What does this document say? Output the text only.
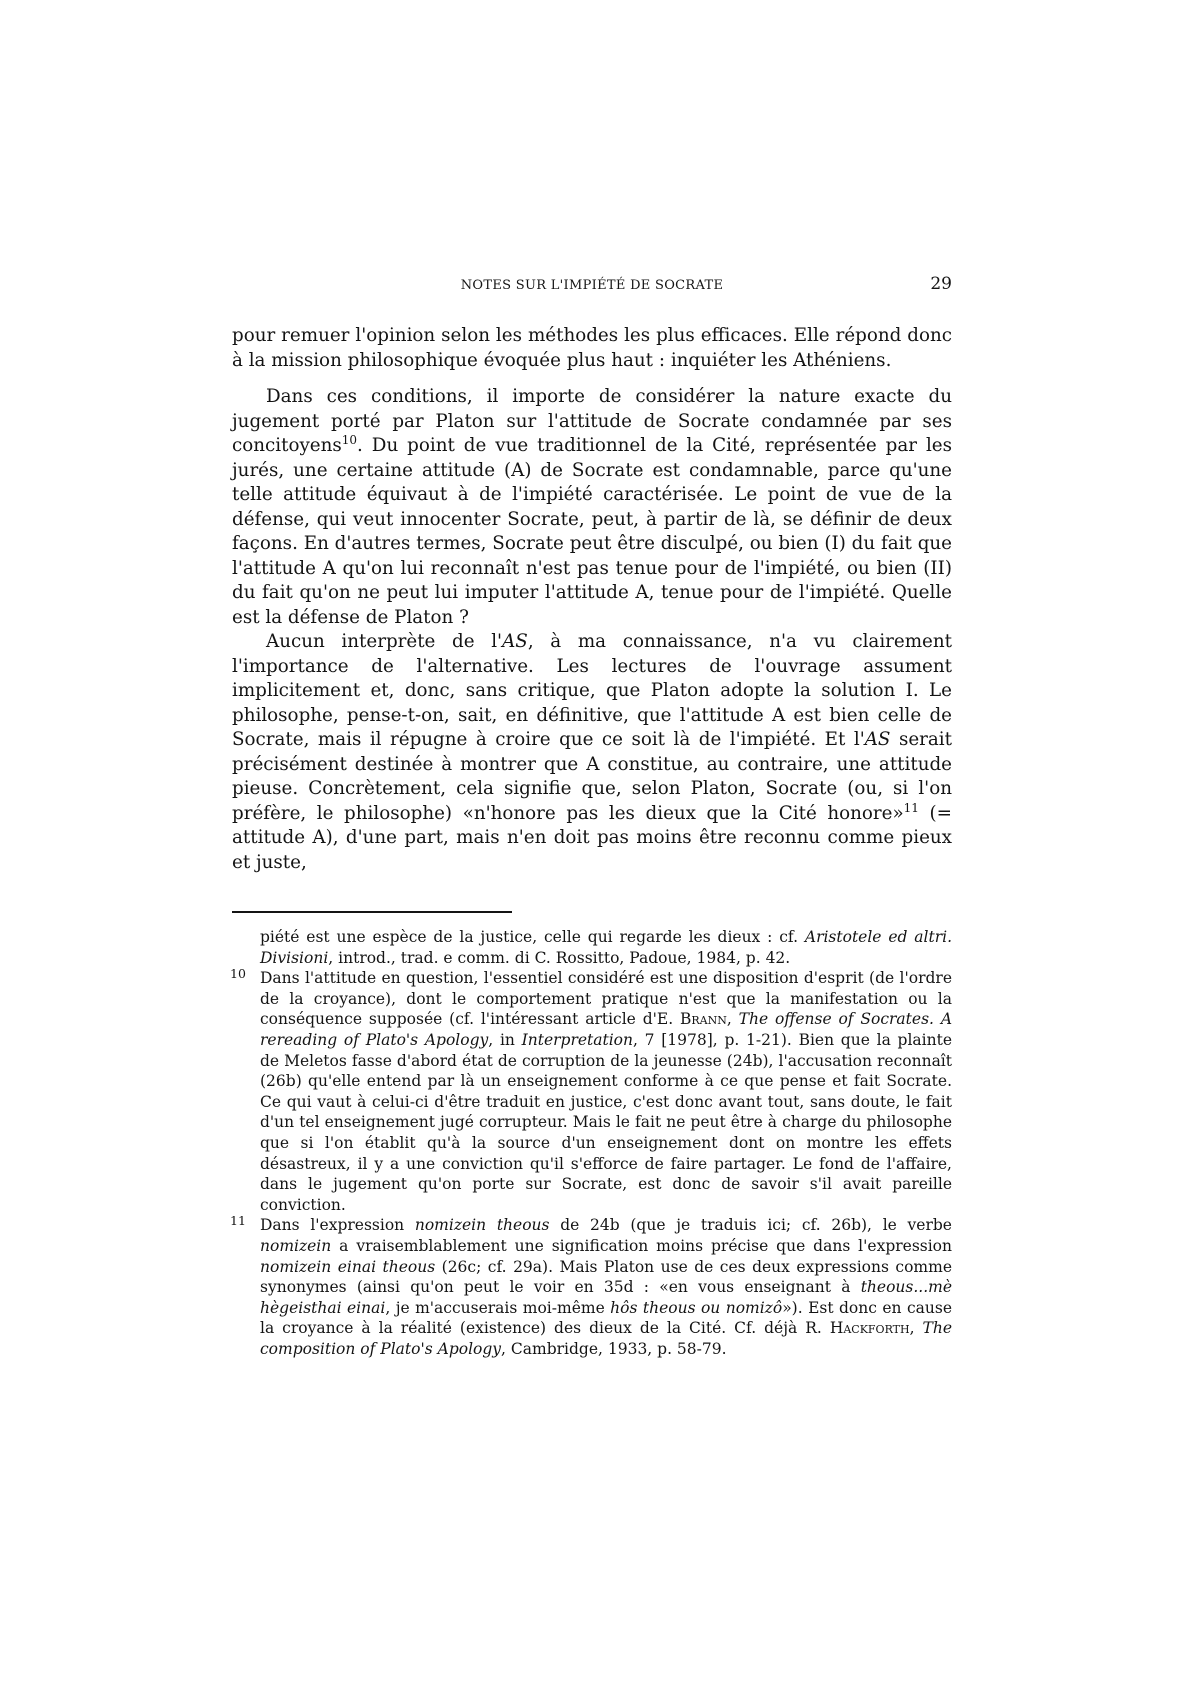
NOTES SUR L'IMPIÉTÉ DE SOCRATE	29

pour remuer l'opinion selon les méthodes les plus efficaces. Elle répond donc à la mission philosophique évoquée plus haut : inquiéter les Athéniens.

Dans ces conditions, il importe de considérer la nature exacte du jugement porté par Platon sur l'attitude de Socrate condamnée par ses concitoyens$^{10}$. Du point de vue traditionnel de la Cité, représentée par les jurés, une certaine attitude (A) de Socrate est condamnable, parce qu'une telle attitude équivaut à de l'impiété caractérisée. Le point de vue de la défense, qui veut innocenter Socrate, peut, à partir de là, se définir de deux façons. En d'autres termes, Socrate peut être disculpé, ou bien (I) du fait que l'attitude A qu'on lui reconnaît n'est pas tenue pour de l'impiété, ou bien (II) du fait qu'on ne peut lui imputer l'attitude A, tenue pour de l'impiété. Quelle est la défense de Platon ?

Aucun interprète de l'AS, à ma connaissance, n'a vu clairement l'importance de l'alternative. Les lectures de l'ouvrage assument implicitement et, donc, sans critique, que Platon adopte la solution I. Le philosophe, pense-t-on, sait, en définitive, que l'attitude A est bien celle de Socrate, mais il répugne à croire que ce soit là de l'impiété. Et l'AS serait précisément destinée à montrer que A constitue, au contraire, une attitude pieuse. Concrètement, cela signifie que, selon Platon, Socrate (ou, si l'on préfère, le philosophe) «n'honore pas les dieux que la Cité honore»$^{11}$ (= attitude A), d'une part, mais n'en doit pas moins être reconnu comme pieux et juste,

piété est une espèce de la justice, celle qui regarde les dieux : cf. Aristotele ed altri. Divisioni, introd., trad. e comm. di C. Rossitto, Padoue, 1984, p. 42.

10 Dans l'attitude en question, l'essentiel considéré est une disposition d'esprit (de l'ordre de la croyance), dont le comportement pratique n'est que la manifestation ou la conséquence supposée (cf. l'intéressant article d'E. Brann, The offense of Socrates. A rereading of Plato's Apology, in Interpretation, 7 [1978], p. 1-21). Bien que la plainte de Meletos fasse d'abord état de corruption de la jeunesse (24b), l'accusation reconnaît (26b) qu'elle entend par là un enseignement conforme à ce que pense et fait Socrate. Ce qui vaut à celui-ci d'être traduit en justice, c'est donc avant tout, sans doute, le fait d'un tel enseignement jugé corrupteur. Mais le fait ne peut être à charge du philosophe que si l'on établit qu'à la source d'un enseignement dont on montre les effets désastreux, il y a une conviction qu'il s'efforce de faire partager. Le fond de l'affaire, dans le jugement qu'on porte sur Socrate, est donc de savoir s'il avait pareille conviction.

11 Dans l'expression nomizein theous de 24b (que je traduis ici; cf. 26b), le verbe nomizein a vraisemblablement une signification moins précise que dans l'expression nomizein einai theous (26c; cf. 29a). Mais Platon use de ces deux expressions comme synonymes (ainsi qu'on peut le voir en 35d : «en vous enseignant à theous...mè hègeisthai einai, je m'accuserais moi-même hôs theous ou nomizô»). Est donc en cause la croyance à la réalité (existence) des dieux de la Cité. Cf. déjà R. Hackforth, The composition of Plato's Apology, Cambridge, 1933, p. 58-79.
